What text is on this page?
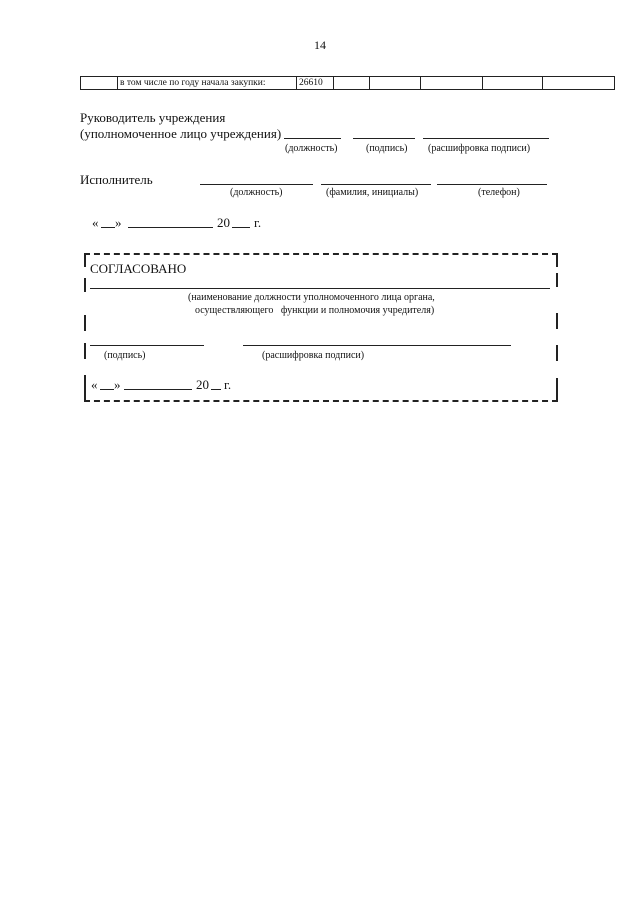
14
в том числе по году начала закупки:	26610
Руководитель учреждения
(уполномоченное лицо учреждения)
(должность)	(подпись) (расшифровка подписи)
Исполнитель
(должность)	(фамилия, инициалы)	(телефон)
« »	20 г.
СОГЛАСОВАНО
(наименование должности уполномоченного лица органа,
осуществляющего   функции и полномочия учредителя)
(подпись)	(расшифровка подписи)
« »	20 г.
